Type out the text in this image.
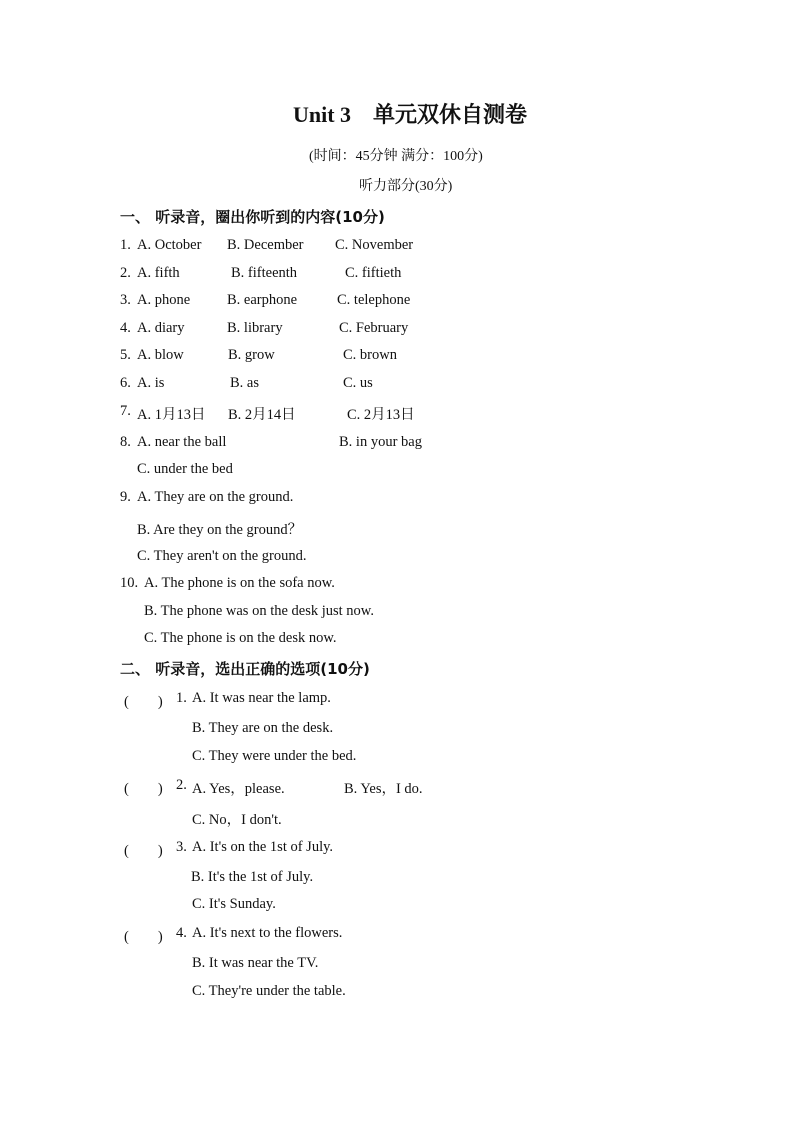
Unit 3　单元双休自测卷
(时间：45分钟 满分：100分)
听力部分(30分)
一、 听录音，圈出你听到的内容(10分)
1. A. October B. December C. November
2. A. fifth	B. fifteenth	C. fiftieth
3. A. phone	B. earphone	C. telephone
4. A. diary	B. library	C. February
5. A. blow	B. grow	C. brown
6. A. is	B. as	C. us
7. A. 1月13日 B. 2月14日	C. 2月13日
8. A. near the ball	B. in your bag
C. under the bed
9. A. They are on the ground.
B. Are they on the ground？
C. They aren't on the ground.
10. A. The phone is on the sofa now.
B. The phone was on the desk just now.
C. The phone is on the desk now.
二、 听录音，选出正确的选项(10分)
(　　) 1. A. It was near the lamp.
B. They are on the desk.
C. They were under the bed.
(　　) 2. A. Yes，please.	B. Yes，I do.
C. No，I don't.
(　　) 3. A. It's on the 1st of July.
B. It's the 1st of July.
C. It's Sunday.
(　　) 4. A. It's next to the flowers.
B. It was near the TV.
C. They're under the table.
